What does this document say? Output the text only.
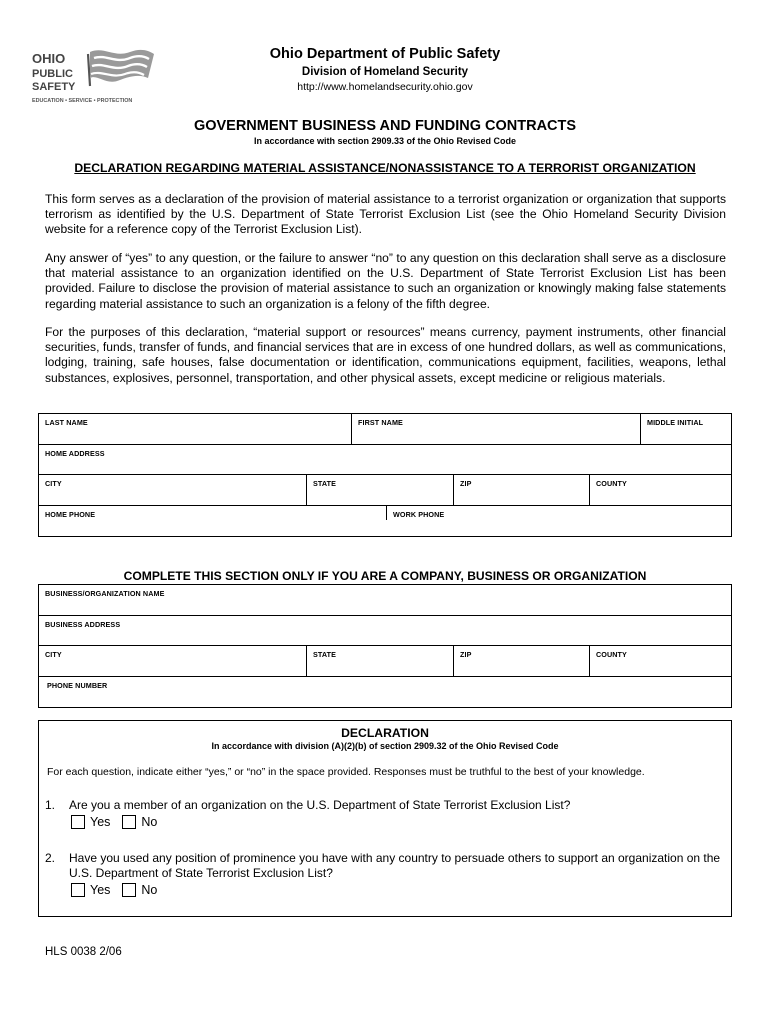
OHIO
PUBLIC
SAFETY
EDUCATION • SERVICE • PROTECTION
Ohio Department of Public Safety
Division of Homeland Security
http://www.homelandsecurity.ohio.gov
GOVERNMENT BUSINESS AND FUNDING CONTRACTS
In accordance with section 2909.33 of the Ohio Revised Code
DECLARATION REGARDING MATERIAL ASSISTANCE/NONASSISTANCE TO A TERRORIST ORGANIZATION

This form serves as a declaration of the provision of material assistance to a terrorist organization or organization that supports terrorism as identified by the U.S. Department of State Terrorist Exclusion List (see the Ohio Homeland Security Division website for a reference copy of the Terrorist Exclusion List).

Any answer of “yes” to any question, or the failure to answer “no” to any question on this declaration shall serve as a disclosure that material assistance to an organization identified on the U.S. Department of State Terrorist Exclusion List has been provided. Failure to disclose the provision of material assistance to such an organization or knowingly making false statements regarding material assistance to such an organization is a felony of the fifth degree.

For the purposes of this declaration, “material support or resources” means currency, payment instruments, other financial securities, funds, transfer of funds, and financial services that are in excess of one hundred dollars, as well as communications, lodging, training, safe houses, false documentation or identification, communications equipment, facilities, weapons, lethal substances, explosives, personnel, transportation, and other physical assets, except medicine or religious materials.

LAST NAME	FIRST NAME	MIDDLE INITIAL
HOME ADDRESS
CITY	STATE	ZIP	COUNTY
HOME PHONE	WORK PHONE
COMPLETE THIS SECTION ONLY IF YOU ARE A COMPANY, BUSINESS OR ORGANIZATION
BUSINESS/ORGANIZATION NAME
BUSINESS ADDRESS
CITY	STATE	ZIP	COUNTY
PHONE NUMBER
DECLARATION
In accordance with division (A)(2)(b) of section 2909.32 of the Ohio Revised Code
For each question, indicate either “yes,” or “no” in the space provided. Responses must be truthful to the best of your knowledge.
1. Are you a member of an organization on the U.S. Department of State Terrorist Exclusion List?
Yes No
2. Have you used any position of prominence you have with any country to persuade others to support an organization on the U.S. Department of State Terrorist Exclusion List?
Yes No
HLS 0038 2/06
